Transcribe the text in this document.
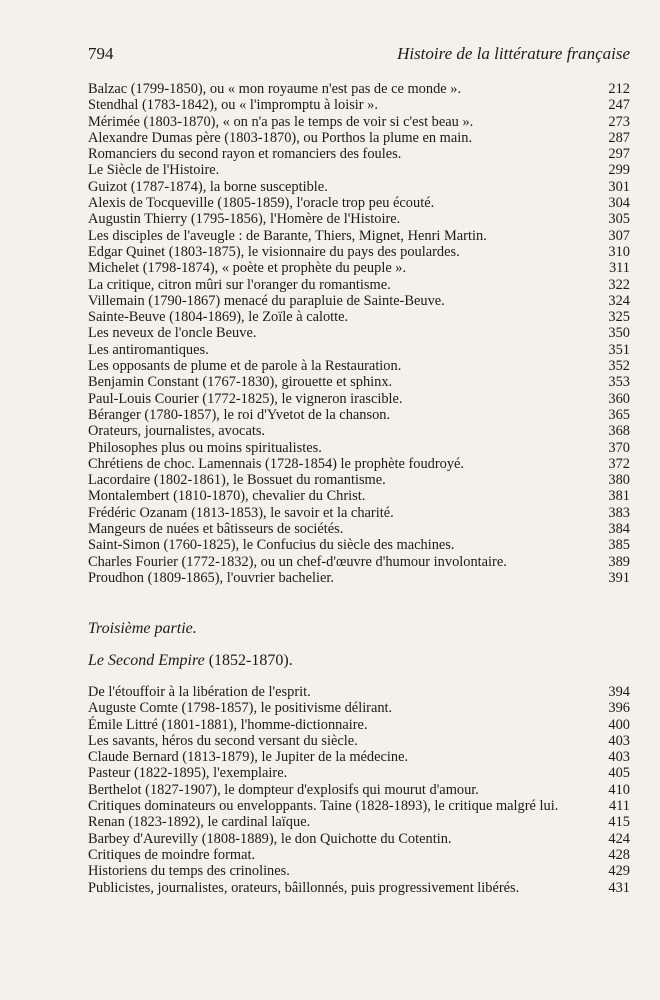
794	Histoire de la littérature française
Balzac (1799-1850), ou « mon royaume n'est pas de ce monde ».	212
Stendhal (1783-1842), ou « l'impromptu à loisir ».	247
Mérimée (1803-1870), « on n'a pas le temps de voir si c'est beau ».	273
Alexandre Dumas père (1803-1870), ou Porthos la plume en main.	287
Romanciers du second rayon et romanciers des foules.	297
Le Siècle de l'Histoire.	299
Guizot (1787-1874), la borne susceptible.	301
Alexis de Tocqueville (1805-1859), l'oracle trop peu écouté.	304
Augustin Thierry (1795-1856), l'Homère de l'Histoire.	305
Les disciples de l'aveugle : de Barante, Thiers, Mignet, Henri Martin.	307
Edgar Quinet (1803-1875), le visionnaire du pays des poulardes.	310
Michelet (1798-1874), « poète et prophète du peuple ».	311
La critique, citron mûri sur l'oranger du romantisme.	322
Villemain (1790-1867) menacé du parapluie de Sainte-Beuve.	324
Sainte-Beuve (1804-1869), le Zoïle à calotte.	325
Les neveux de l'oncle Beuve.	350
Les antiromantiques.	351
Les opposants de plume et de parole à la Restauration.	352
Benjamin Constant (1767-1830), girouette et sphinx.	353
Paul-Louis Courier (1772-1825), le vigneron irascible.	360
Béranger (1780-1857), le roi d'Yvetot de la chanson.	365
Orateurs, journalistes, avocats.	368
Philosophes plus ou moins spiritualistes.	370
Chrétiens de choc. Lamennais (1728-1854) le prophète foudroyé.	372
Lacordaire (1802-1861), le Bossuet du romantisme.	380
Montalembert (1810-1870), chevalier du Christ.	381
Frédéric Ozanam (1813-1853), le savoir et la charité.	383
Mangeurs de nuées et bâtisseurs de sociétés.	384
Saint-Simon (1760-1825), le Confucius du siècle des machines.	385
Charles Fourier (1772-1832), ou un chef-d'œuvre d'humour involontaire.	389
Proudhon (1809-1865), l'ouvrier bachelier.	391
Troisième partie.
Le Second Empire (1852-1870).
De l'étouffoir à la libération de l'esprit.	394
Auguste Comte (1798-1857), le positivisme délirant.	396
Émile Littré (1801-1881), l'homme-dictionnaire.	400
Les savants, héros du second versant du siècle.	403
Claude Bernard (1813-1879), le Jupiter de la médecine.	403
Pasteur (1822-1895), l'exemplaire.	405
Berthelot (1827-1907), le dompteur d'explosifs qui mourut d'amour.	410
Critiques dominateurs ou enveloppants. Taine (1828-1893), le critique malgré lui.	411
Renan (1823-1892), le cardinal laïque.	415
Barbey d'Aurevilly (1808-1889), le don Quichotte du Cotentin.	424
Critiques de moindre format.	428
Historiens du temps des crinolines.	429
Publicistes, journalistes, orateurs, bâillonnés, puis progressivement libérés.	431
